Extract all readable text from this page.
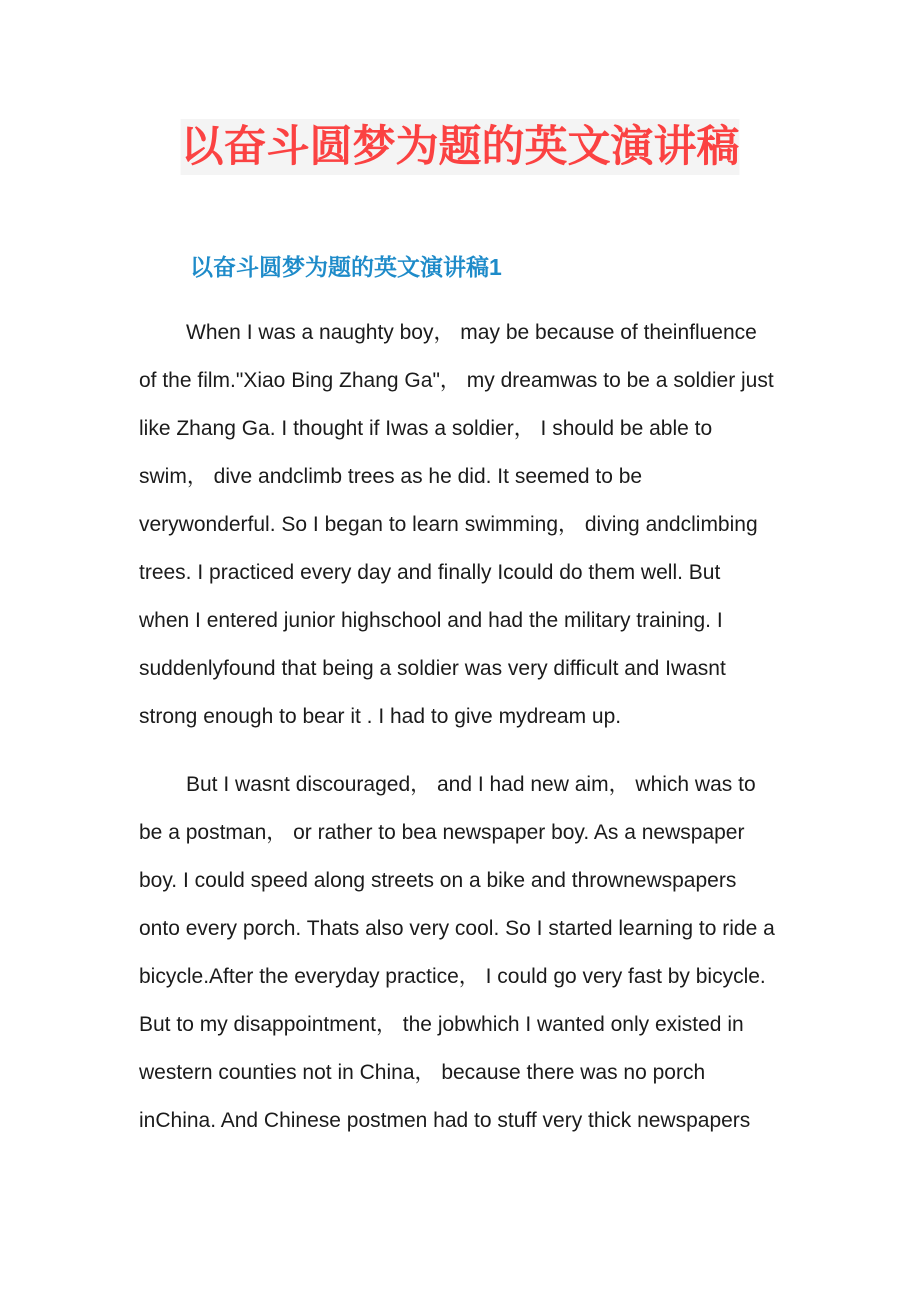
以奋斗圆梦为题的英文演讲稿
以奋斗圆梦为题的英文演讲稿1
When I was a naughty boy， may be because of theinfluence
of the film."Xiao Bing Zhang Ga"， my dreamwas to be a soldier just
like Zhang Ga. I thought if Iwas a soldier， I should be able to
swim， dive andclimb trees as he did. It seemed to be
verywonderful. So I began to learn swimming， diving andclimbing
trees. I practiced every day and finally Icould do them well. But
when I entered junior highschool and had the military training. I
suddenlyfound that being a soldier was very difficult and Iwasnt
strong enough to bear it . I had to give mydream up.
But I wasnt discouraged， and I had new aim， which was to
be a postman， or rather to bea newspaper boy. As a newspaper
boy. I could speed along streets on a bike and thrownewspapers
onto every porch. Thats also very cool. So I started learning to ride a
bicycle.After the everyday practice， I could go very fast by bicycle.
But to my disappointment， the jobwhich I wanted only existed in
western counties not in China， because there was no porch
inChina. And Chinese postmen had to stuff very thick newspapers
